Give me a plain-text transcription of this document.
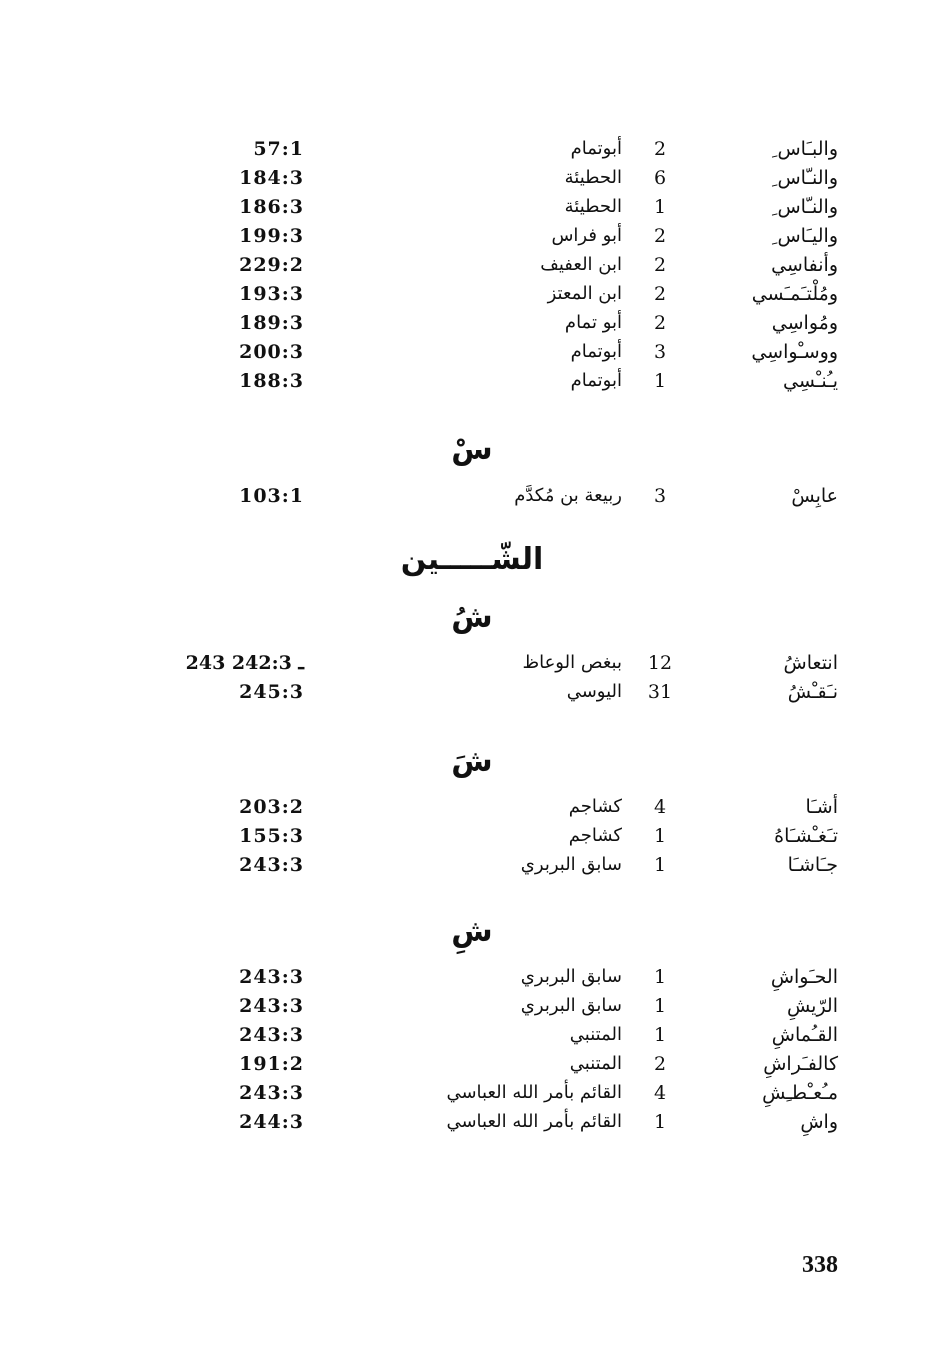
والبـَاس ِ
2
أبوتمام
57:1
والنـّاس ِ
6
الحطيئة
184:3
والنـّاس ِ
1
الحطيئة
186:3
واليـَاس ِ
2
أبو فراس
199:3
وأنفاسِي
2
ابن العفيف
229:2
ومُلْتـَمـَسي
2
ابن المعتز
193:3
ومُواسِي
2
أبو تمام
189:3
ووسـْواسِي
3
أبوتمام
200:3
يـُنـْسِي
1
أبوتمام
188:3
سْ
عابِسْ
3
ربيعة بن مُكدَّم
103:1
الشّـــــين
شُ
انتعاشُ
12
ببغص الوعاظ
243 ـ 242:3
نـَقـْشُ
31
اليوسي
245:3
شَ
أشـَا
4
كشاجم
203:2
تـَغـْشـَاهُ
1
كشاجم
155:3
جـَاشـَا
1
سابق البربري
243:3
شِ
الحـَواشِ
1
سابق البربري
243:3
الرّيشِ
1
سابق البربري
243:3
القـُماشِ
1
المتنبي
243:3
كالفـَراشِ
2
المتنبي
191:2
مـُعـْطـِشِ
4
القائم بأمر الله العباسي
243:3
واشِ
1
القائم بأمر الله العباسي
244:3
338
